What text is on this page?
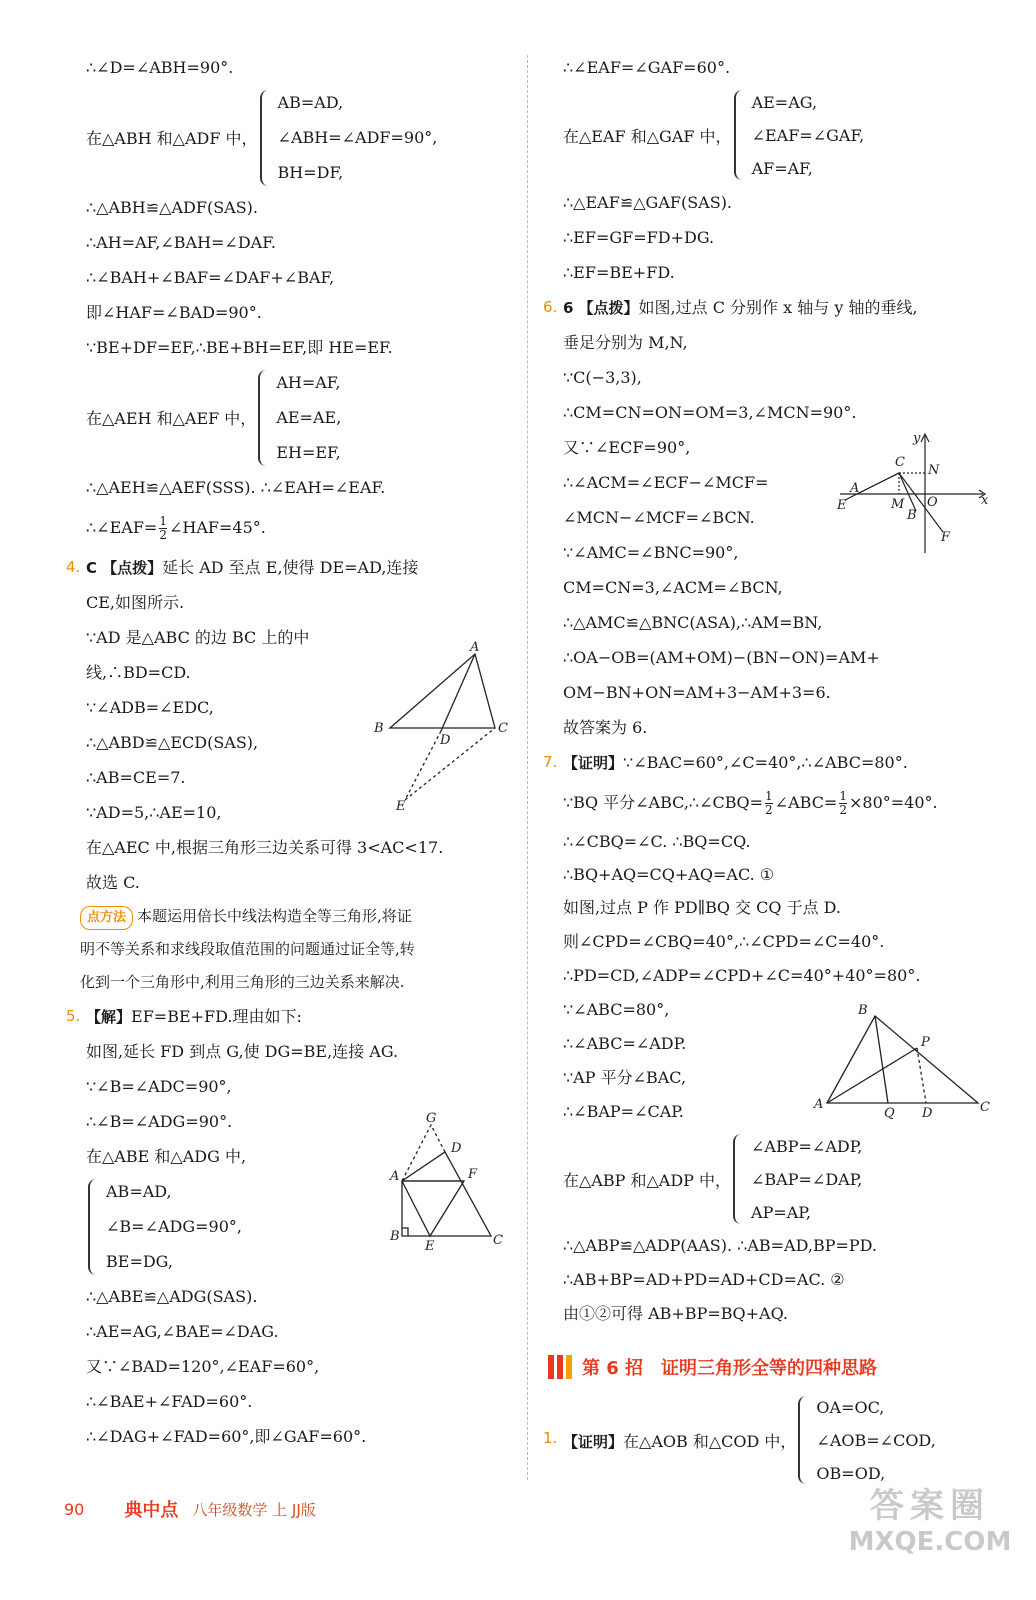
∴∠D=∠ABH=90°.
在△ABH 和△ADF 中，
AB=AD,
∠ABH=∠ADF=90°,
BH=DF,
∴△ABH≌△ADF(SAS).
∴AH=AF,∠BAH=∠DAF.
∴∠BAH+∠BAF=∠DAF+∠BAF,
即∠HAF=∠BAD=90°.
∵BE+DF=EF,∴BE+BH=EF,即 HE=EF.
在△AEH 和△AEF 中，
AH=AF,
AE=AE,
EH=EF,
∴△AEH≌△AEF(SSS). ∴∠EAH=∠EAF.
∴∠EAF= $\frac{1}{2}$ ∠HAF=45°.
4. C 【点拨】延长 AD 至点 E,使得 DE=AD,连接
CE,如图所示.
∵AD 是△ABC 的边 BC 上的中
线,∴BD=CD.
∵∠ADB=∠EDC,
∴△ABD≌△ECD(SAS),
∴AB=CE=7.
∵AD=5,∴AE=10,
在△AEC 中,根据三角形三边关系可得 3<AC<17.
故选 C.
点方法 本题运用倍长中线法构造全等三角形,将证
明不等关系和求线段取值范围的问题通过证全等,转
化到一个三角形中,利用三角形的三边关系来解决.
5. 【解】EF=BE+FD.理由如下:
如图,延长 FD 到点 G,使 DG=BE,连接 AG.
∵∠B=∠ADC=90°,
∴∠B=∠ADG=90°.
在△ABE 和△ADG 中,
AB=AD,
∠B=∠ADG=90°,
BE=DG,
∴△ABE≌△ADG(SAS).
∴AE=AG,∠BAE=∠DAG.
又∵∠BAD=120°,∠EAF=60°,
∴∠BAE+∠FAD=60°.
∴∠DAG+∠FAD=60°,即∠GAF=60°.
∴∠EAF=∠GAF=60°.
在△EAF 和△GAF 中，
AE=AG,
∠EAF=∠GAF,
AF=AF,
∴△EAF≌△GAF(SAS).
∴EF=GF=FD+DG.
∴EF=BE+FD.
6. 6 【点拨】如图,过点 C 分别作 x 轴与 y 轴的垂线,
垂足分别为 M,N,
∵C(−3,3),
∴CM=CN=ON=OM=3,∠MCN=90°.
又∵∠ECF=90°,
∴∠ACM=∠ECF−∠MCF=
∠MCN−∠MCF=∠BCN.
∵∠AMC=∠BNC=90°,
CM=CN=3,∠ACM=∠BCN,
∴△AMC≌△BNC(ASA),∴AM=BN,
∴OA−OB=(AM+OM)−(BN−ON)=AM+
OM−BN+ON=AM+3−AM+3=6.
故答案为 6.
7. 【证明】∵∠BAC=60°,∠C=40°,∴∠ABC=80°.
∵BQ 平分∠ABC,∴∠CBQ= $\frac{1}{2}$ ∠ABC= $\frac{1}{2} \times 80^\circ=40^\circ$.
∴∠CBQ=∠C. ∴BQ=CQ.
∴BQ+AQ=CQ+AQ=AC. ①
如图,过点 P 作 PD∥BQ 交 CQ 于点 D.
则∠CPD=∠CBQ=40°,∴∠CPD=∠C=40°.
∴PD=CD,∠ADP=∠CPD+∠C=40°+40°=80°.
∵∠ABC=80°,
∴∠ABC=∠ADP.
∵AP 平分∠BAC,
∴∠BAP=∠CAP.
在△ABP 和△ADP 中，
∠ABP=∠ADP,
∠BAP=∠DAP,
AP=AP,
∴△ABP≌△ADP(AAS). ∴AB=AD,BP=PD.
∴AB+BP=AD+PD=AD+CD=AC. ②
由①②可得 AB+BP=BQ+AQ.
第 6 招　证明三角形全等的四种思路
1. 【证明】在△AOB 和△COD 中，
OA=OC,
∠AOB=∠COD,
OB=OD,
A
B	C
D
E
G
D
A	F
B
E	C
y
x
C
N
A
O
E	M
B
F
B
P
A
Q D	C
90 典中点 八年级数学 上 JJ版	答案圈
MXQE.COM
